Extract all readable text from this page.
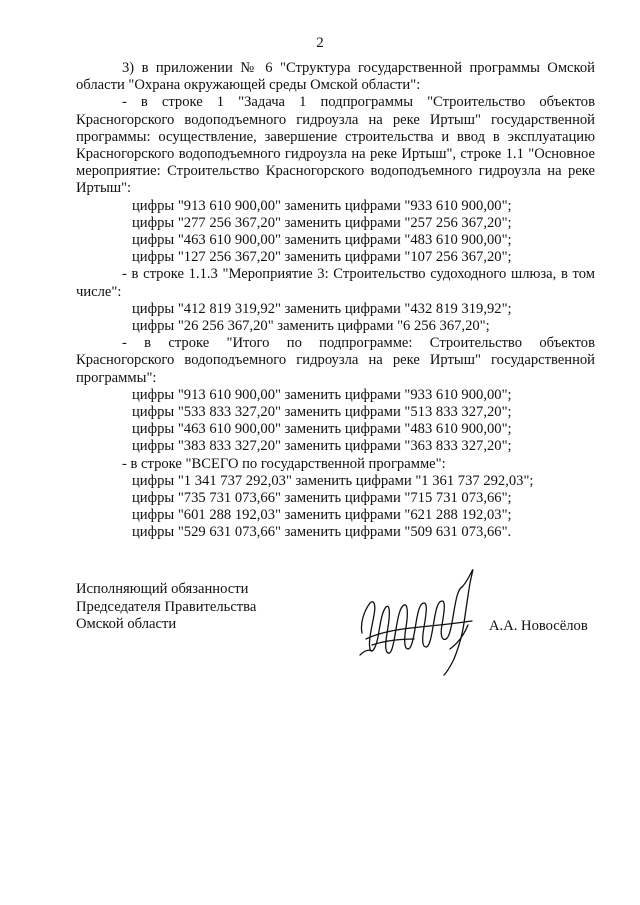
2

3) в приложении № 6 "Структура государственной программы Омской области "Охрана окружающей среды Омской области":

- в строке 1 "Задача 1 подпрограммы "Строительство объектов Красногорского водоподъемного гидроузла на реке Иртыш" государственной программы: осуществление, завершение строительства и ввод в эксплуатацию Красногорского водоподъемного гидроузла на реке Иртыш", строке 1.1 "Основное мероприятие: Строительство Красногорского водоподъемного гидроузла на реке Иртыш":

цифры "913 610 900,00" заменить цифрами "933 610 900,00";

цифры "277 256 367,20" заменить цифрами "257 256 367,20";

цифры "463 610 900,00" заменить цифрами "483 610 900,00";

цифры "127 256 367,20" заменить цифрами "107 256 367,20";

- в строке 1.1.3 "Мероприятие 3: Строительство судоходного шлюза, в том числе":

цифры "412 819 319,92" заменить цифрами "432 819 319,92";

цифры "26 256 367,20" заменить цифрами "6 256 367,20";

- в строке "Итого по подпрограмме: Строительство объектов Красногорского водоподъемного гидроузла на реке Иртыш" государственной программы":

цифры "913 610 900,00" заменить цифрами "933 610 900,00";

цифры "533 833 327,20" заменить цифрами "513 833 327,20";

цифры "463 610 900,00" заменить цифрами "483 610 900,00";

цифры "383 833 327,20" заменить цифрами "363 833 327,20";

- в строке "ВСЕГО по государственной программе":

цифры "1 341 737 292,03" заменить цифрами "1 361 737 292,03";

цифры "735 731 073,66" заменить цифрами "715 731 073,66";

цифры "601 288 192,03" заменить цифрами "621 288 192,03";

цифры "529 631 073,66" заменить цифрами "509 631 073,66".

Исполняющий обязанности

Председателя Правительства

Омской области	А.А. Новосёлов
